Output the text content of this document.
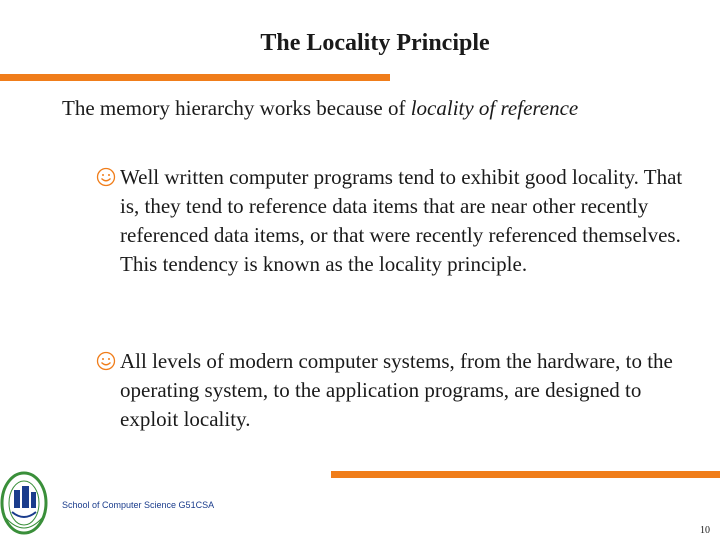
The Locality Principle
The memory hierarchy works because of locality of reference
Well written computer programs tend to exhibit good locality. That is, they tend to reference data items that are near other recently referenced data items, or that were recently referenced themselves. This tendency is known as the locality principle.
All levels of modern computer systems, from the hardware, to the operating system, to the application programs, are designed to exploit locality.
School of Computer Science G51CSA
10
